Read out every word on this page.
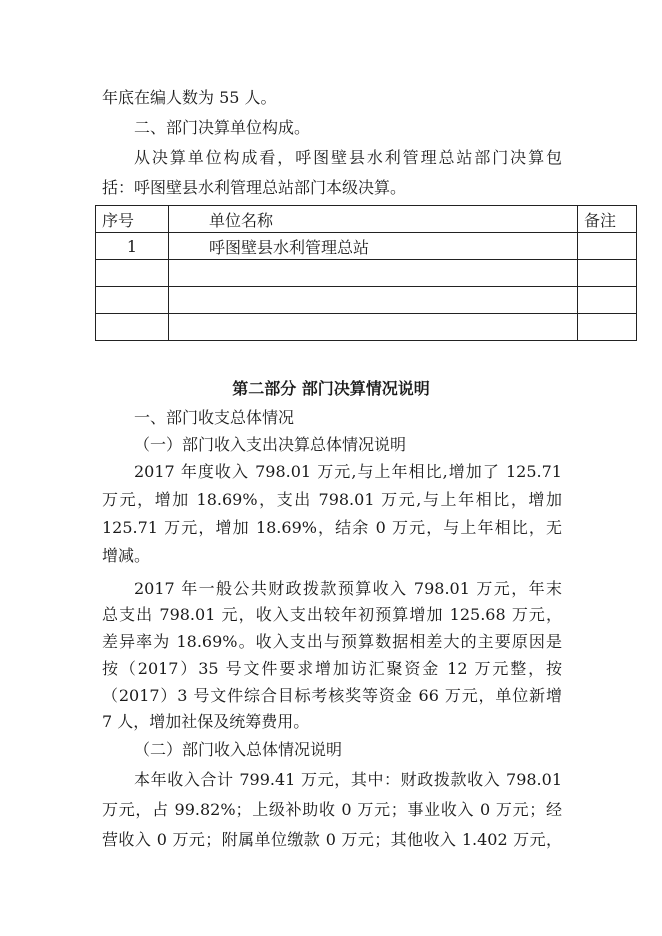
年底在编人数为 55 人。
二、部门决算单位构成。
从决算单位构成看，呼图壁县水利管理总站部门决算包
括：呼图壁县水利管理总站部门本级决算。
序号	单位名称	备注
1	呼图壁县水利管理总站	

第二部分 部门决算情况说明
一、部门收支总体情况
（一）部门收入支出决算总体情况说明
2017 年度收入 798.01 万元,与上年相比,增加了 125.71
万元，增加 18.69%，支出 798.01 万元,与上年相比，增加
125.71 万元，增加 18.69%，结余 0 万元，与上年相比，无
增减。
2017 年一般公共财政拨款预算收入 798.01 万元，年末
总支出 798.01 元，收入支出较年初预算增加 125.68 万元，
差异率为 18.69%。收入支出与预算数据相差大的主要原因是
按（2017）35 号文件要求增加访汇聚资金 12 万元整，按
（2017）3 号文件综合目标考核奖等资金 66 万元，单位新增
7 人，增加社保及统筹费用。
（二）部门收入总体情况说明
本年收入合计 799.41 万元，其中：财政拨款收入 798.01
万元，占 99.82%；上级补助收 0 万元；事业收入 0 万元；经
营收入 0 万元；附属单位缴款 0 万元；其他收入 1.402 万元，
